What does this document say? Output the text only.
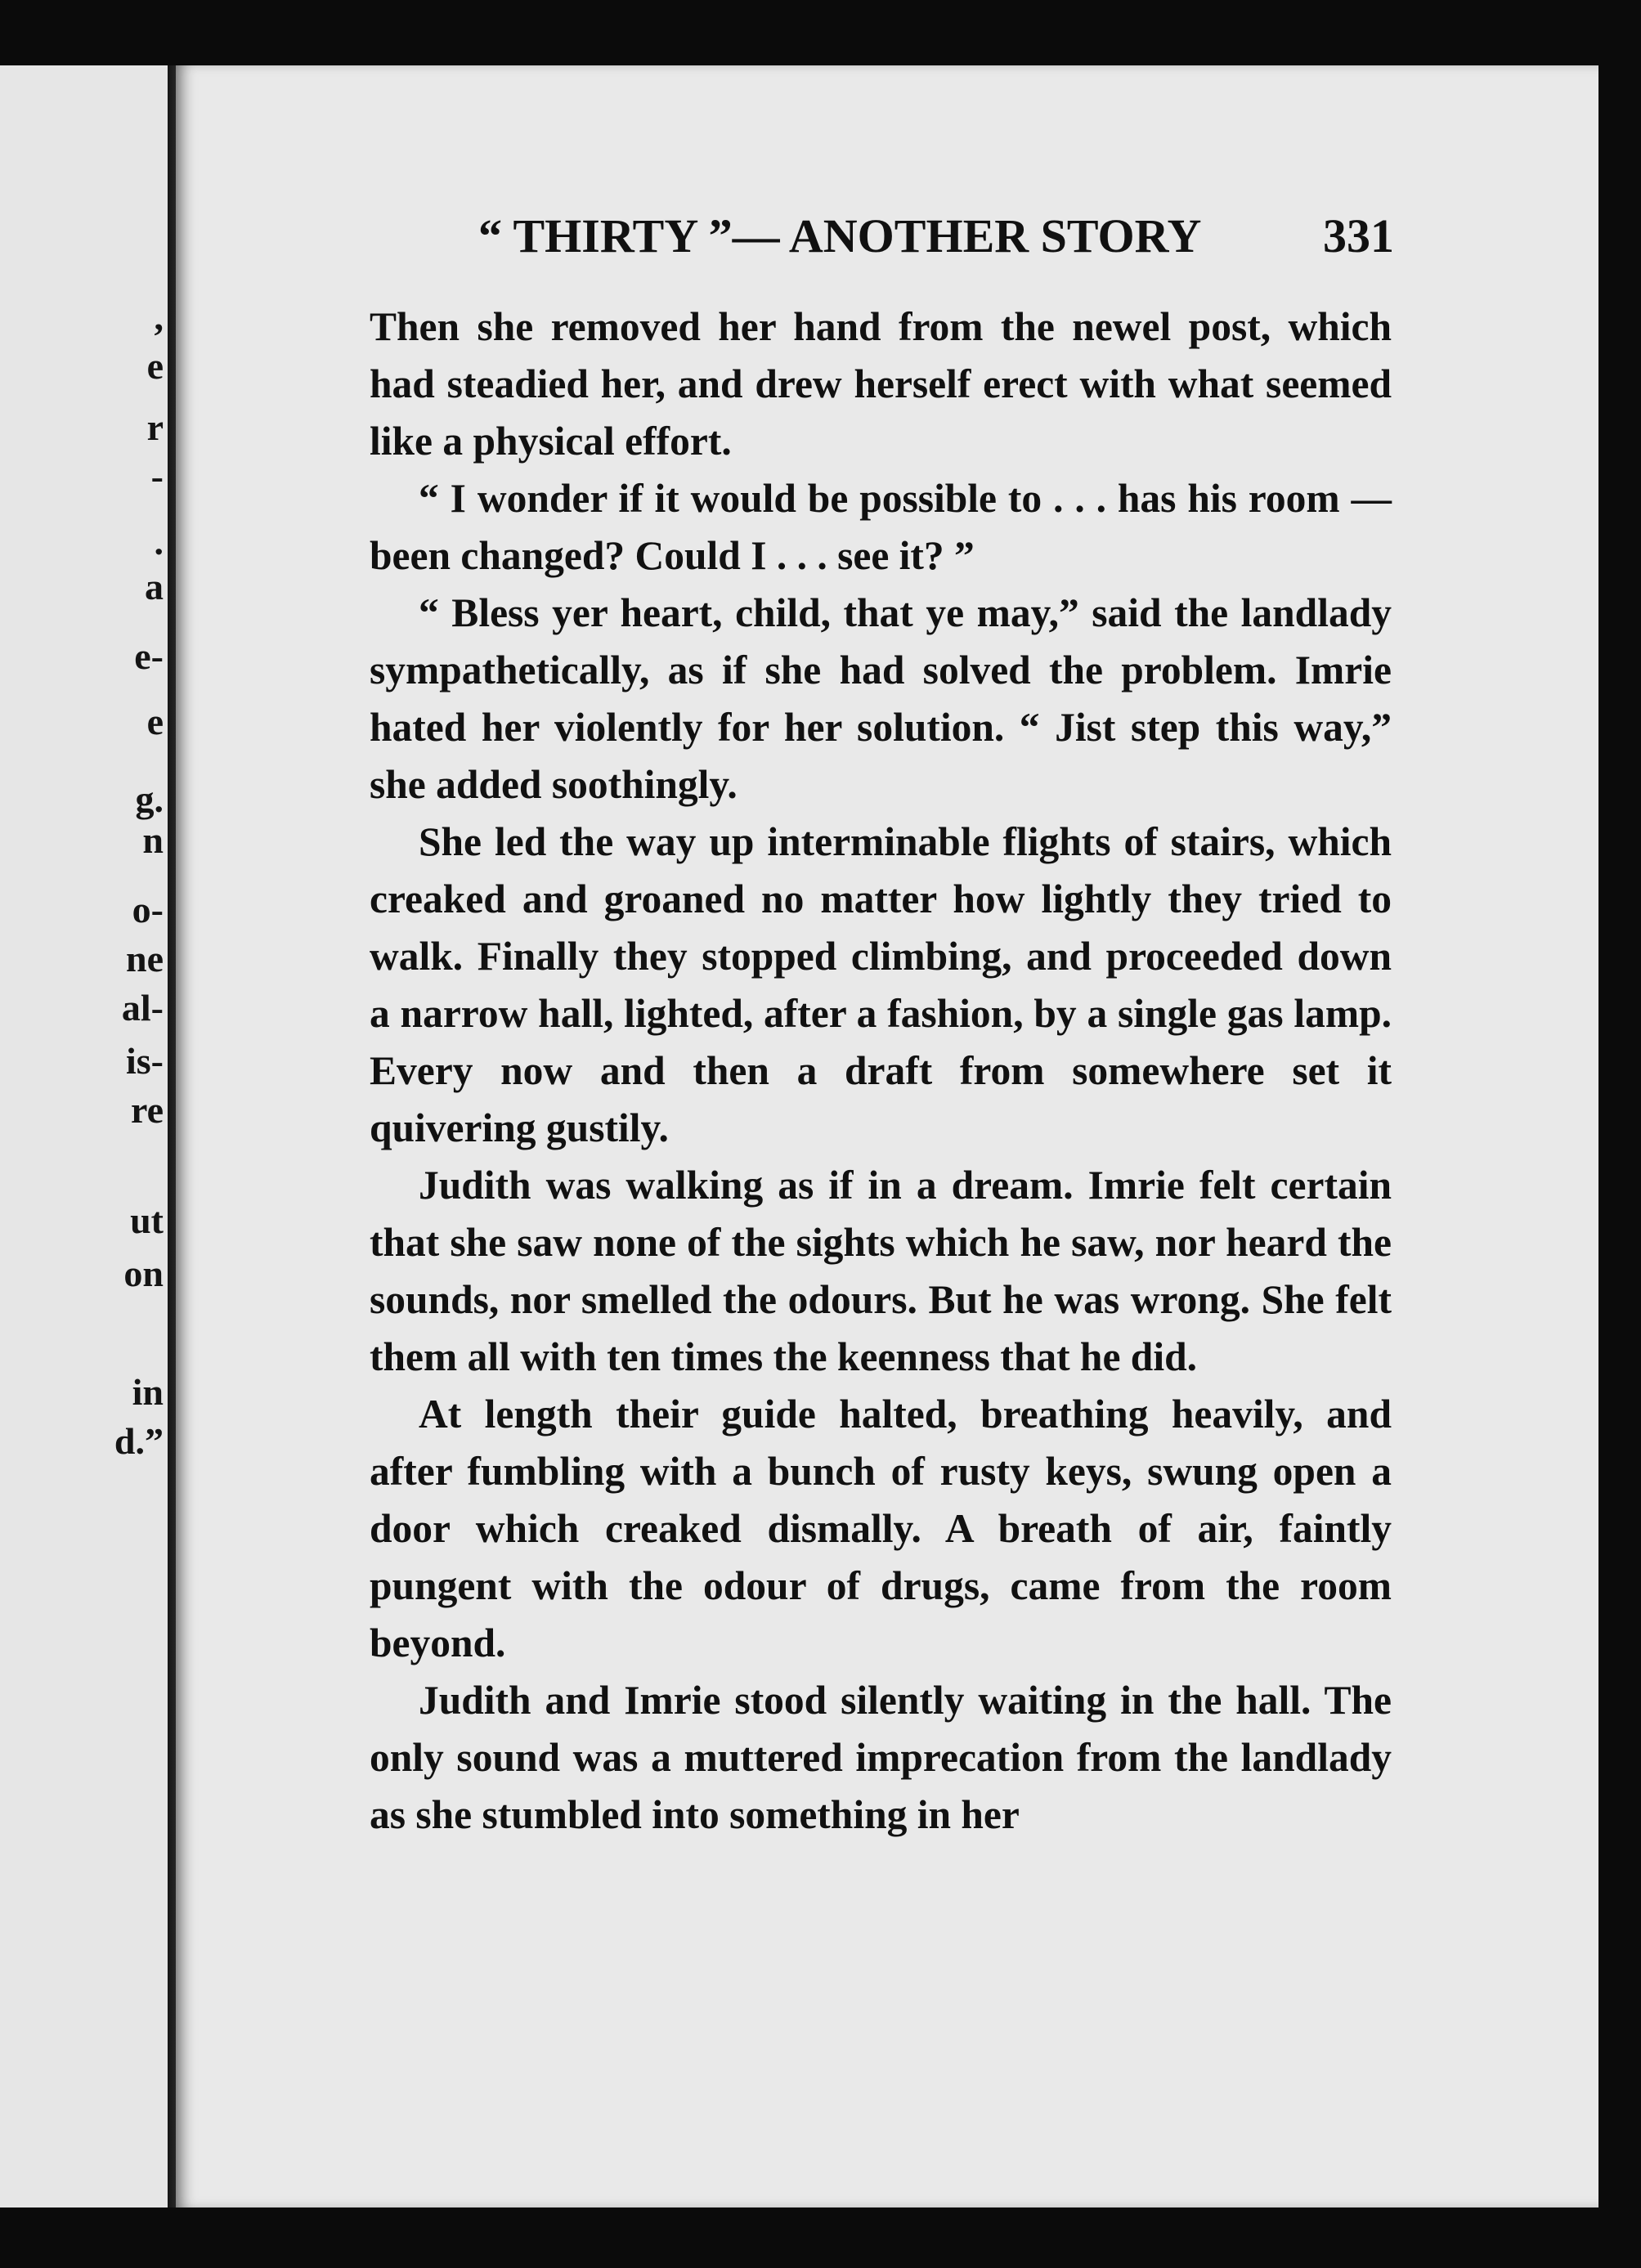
,
e
r
-
.
a
e-
e
g.
n
o-
ne
al-
is-
re
ut
on
in
d.”
“ THIRTY ”— ANOTHER STORY	331

Then she removed her hand from the newel post, which had steadied her, and drew herself erect with what seemed like a physical effort.

“ I wonder if it would be possible to . . . has his room — been changed? Could I . . . see it? ”

“ Bless yer heart, child, that ye may,” said the landlady sympathetically, as if she had solved the problem. Imrie hated her violently for her solution. “ Jist step this way,” she added soothingly.

She led the way up interminable flights of stairs, which creaked and groaned no matter how lightly they tried to walk. Finally they stopped climbing, and proceeded down a narrow hall, lighted, after a fashion, by a single gas lamp. Every now and then a draft from somewhere set it quivering gustily.

Judith was walking as if in a dream. Imrie felt certain that she saw none of the sights which he saw, nor heard the sounds, nor smelled the odours. But he was wrong. She felt them all with ten times the keenness that he did.

At length their guide halted, breathing heavily, and after fumbling with a bunch of rusty keys, swung open a door which creaked dismally. A breath of air, faintly pungent with the odour of drugs, came from the room beyond.

Judith and Imrie stood silently waiting in the hall. The only sound was a muttered imprecation from the landlady as she stumbled into something in her
